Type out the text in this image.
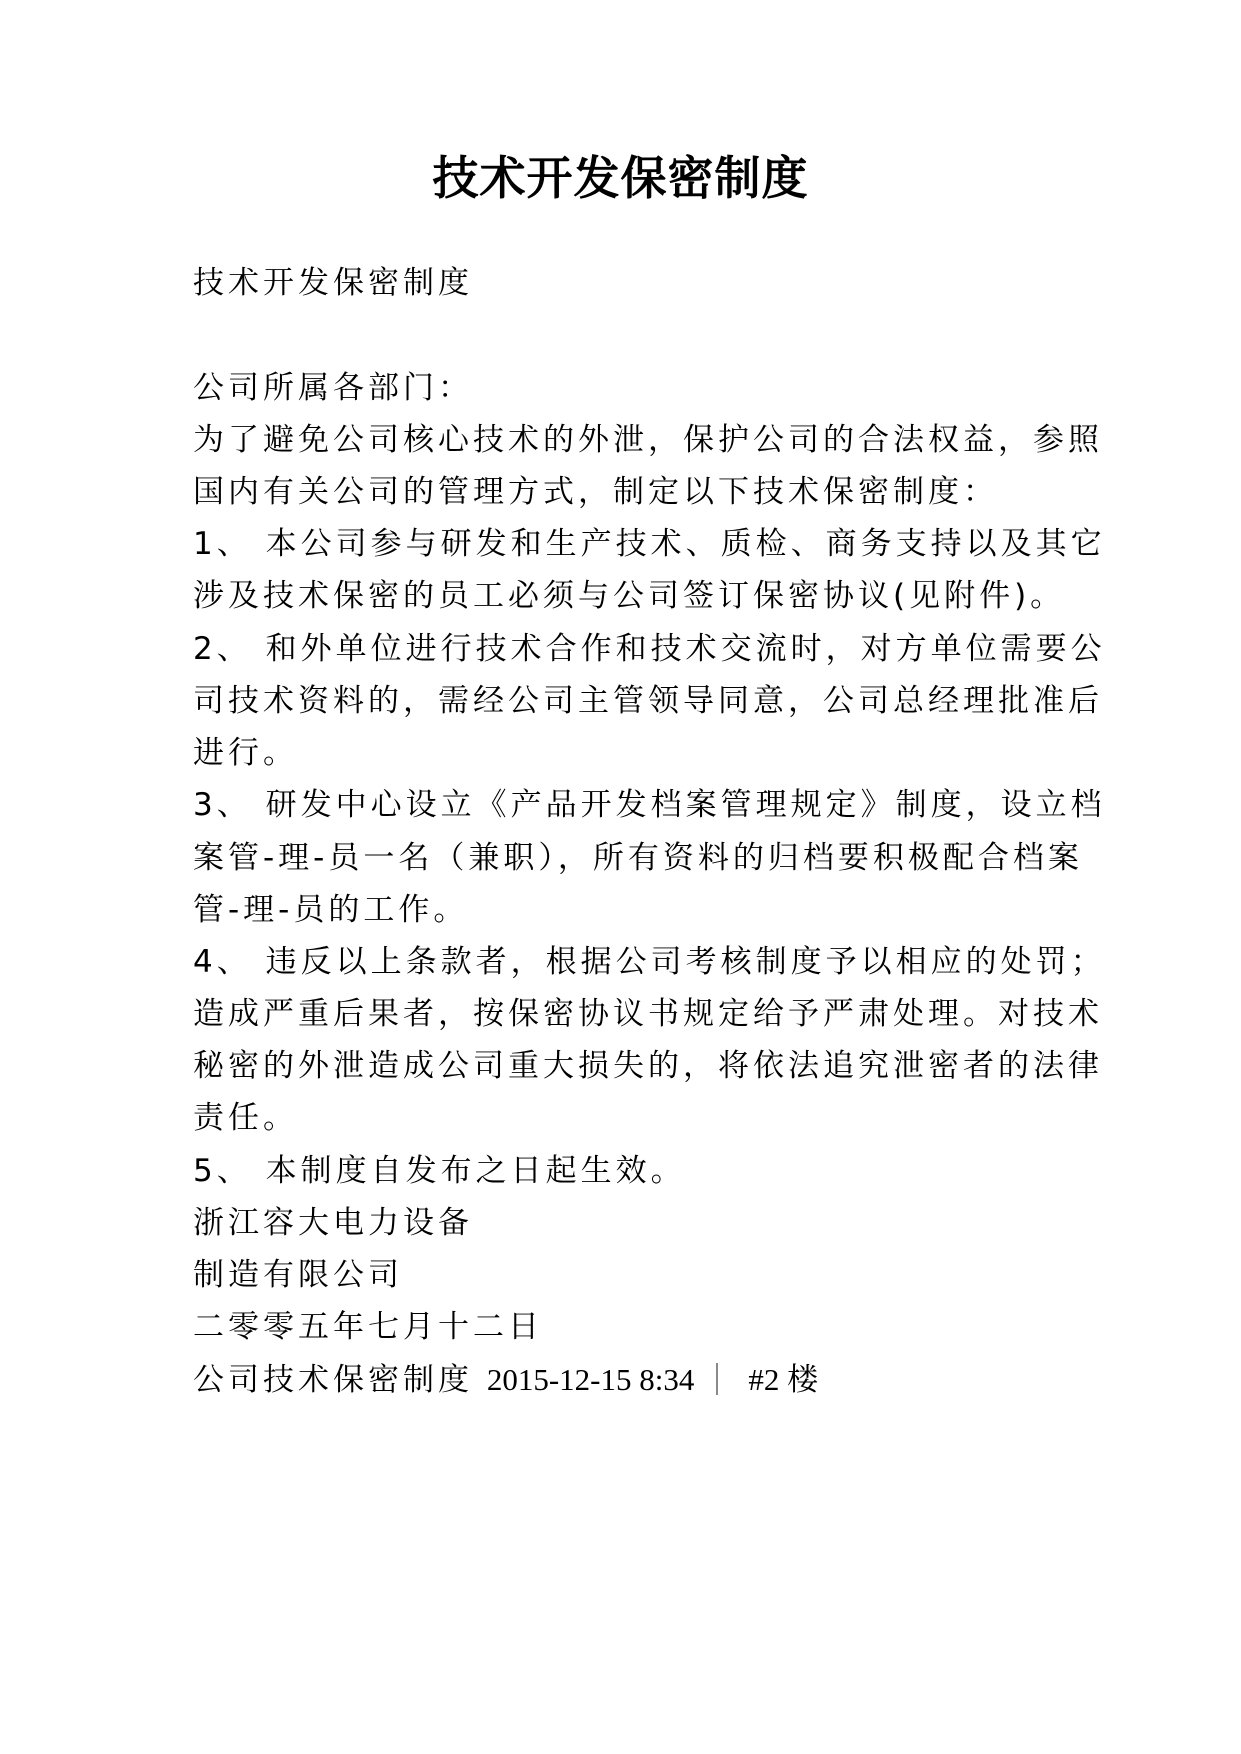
技术开发保密制度

技术开发保密制度

公司所属各部门：

为了避免公司核心技术的外泄，保护公司的合法权益，参照

国内有关公司的管理方式，制定以下技术保密制度：

1、 本公司参与研发和生产技术、质检、商务支持以及其它

涉及技术保密的员工必须与公司签订保密协议(见附件)。

2、 和外单位进行技术合作和技术交流时，对方单位需要公

司技术资料的，需经公司主管领导同意，公司总经理批准后

进行。

3、 研发中心设立《产品开发档案管理规定》制度，设立档

案管-理-员一名（兼职），所有资料的归档要积极配合档案

管-理-员的工作。

4、 违反以上条款者，根据公司考核制度予以相应的处罚；

造成严重后果者，按保密协议书规定给予严肃处理。对技术

秘密的外泄造成公司重大损失的，将依法追究泄密者的法律

责任。

5、 本制度自发布之日起生效。

浙江容大电力设备

制造有限公司

二零零五年七月十二日

公司技术保密制度 2015-12-15 8:34 #2 楼
